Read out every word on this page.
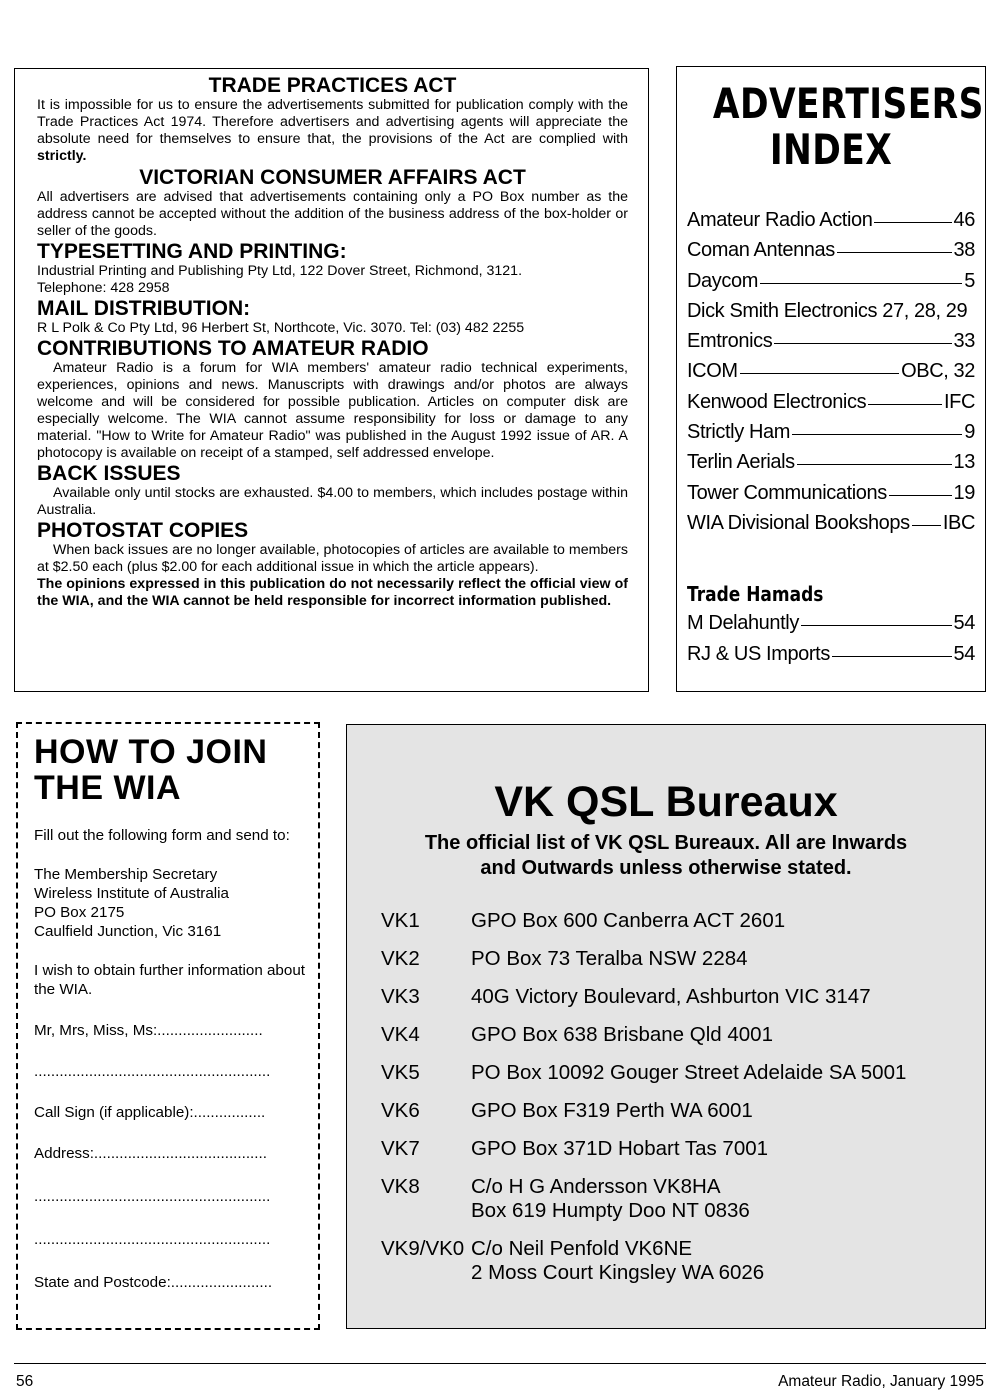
TRADE PRACTICES ACT

It is impossible for us to ensure the advertisements submitted for publication comply with the Trade Practices Act 1974. Therefore advertisers and advertising agents will appreciate the absolute need for themselves to ensure that, the provisions of the Act are complied with strictly.

VICTORIAN CONSUMER AFFAIRS ACT

All advertisers are advised that advertisements containing only a PO Box number as the address cannot be accepted without the addition of the business address of the box-holder or seller of the goods.

TYPESETTING AND PRINTING:

Industrial Printing and Publishing Pty Ltd, 122 Dover Street, Richmond, 3121.

Telephone: 428 2958

MAIL DISTRIBUTION:

R L Polk & Co Pty Ltd, 96 Herbert St, Northcote, Vic. 3070. Tel: (03) 482 2255

CONTRIBUTIONS TO AMATEUR RADIO

Amateur Radio is a forum for WIA members' amateur radio technical experiments, experiences, opinions and news. Manuscripts with drawings and/or photos are always welcome and will be considered for possible publication. Articles on computer disk are especially welcome. The WIA cannot assume responsibility for loss or damage to any material. "How to Write for Amateur Radio" was published in the August 1992 issue of AR. A photocopy is available on receipt of a stamped, self addressed envelope.

BACK ISSUES

Available only until stocks are exhausted. $4.00 to members, which includes postage within Australia.

PHOTOSTAT COPIES

When back issues are no longer available, photocopies of articles are available to members at $2.50 each (plus $2.00 for each additional issue in which the article appears).

The opinions expressed in this publication do not necessarily reflect the official view of the WIA, and the WIA cannot be held responsible for incorrect information published.

ADVERTISERS
INDEX
Amateur Radio Action	46
Coman Antennas	38
Daycom	5
Dick Smith Electronics 27, 28, 29
Emtronics	33
ICOM	OBC, 32
Kenwood Electronics	IFC
Strictly Ham	9
Terlin Aerials	13
Tower Communications	19
WIA Divisional Bookshops IBC
Trade Hamads
M Delahuntly	54
RJ & US Imports	54
HOW TO JOIN
THE WIA

Fill out the following form and send to:

The Membership Secretary

Wireless Institute of Australia

PO Box 2175

Caulfield Junction, Vic 3161

I wish to obtain further information about the WIA.

Mr, Mrs, Miss, Ms:.........................
........................................................
Call Sign (if applicable):.................
Address:.........................................
........................................................
........................................................
State and Postcode:........................
VK QSL Bureaux
The official list of VK QSL Bureaux. All are Inwards
and Outwards unless otherwise stated.
VK1	GPO Box 600 Canberra ACT 2601
VK2	PO Box 73 Teralba NSW 2284
VK3	40G Victory Boulevard, Ashburton VIC 3147
VK4	GPO Box 638 Brisbane Qld 4001
VK5	PO Box 10092 Gouger Street Adelaide SA 5001
VK6	GPO Box F319 Perth WA 6001
VK7	GPO Box 371D Hobart Tas 7001
VK8	C/o H G Andersson VK8HA
Box 619 Humpty Doo NT 0836
VK9/VK0 C/o Neil Penfold VK6NE
2 Moss Court Kingsley WA 6026
56	Amateur Radio, January 1995
